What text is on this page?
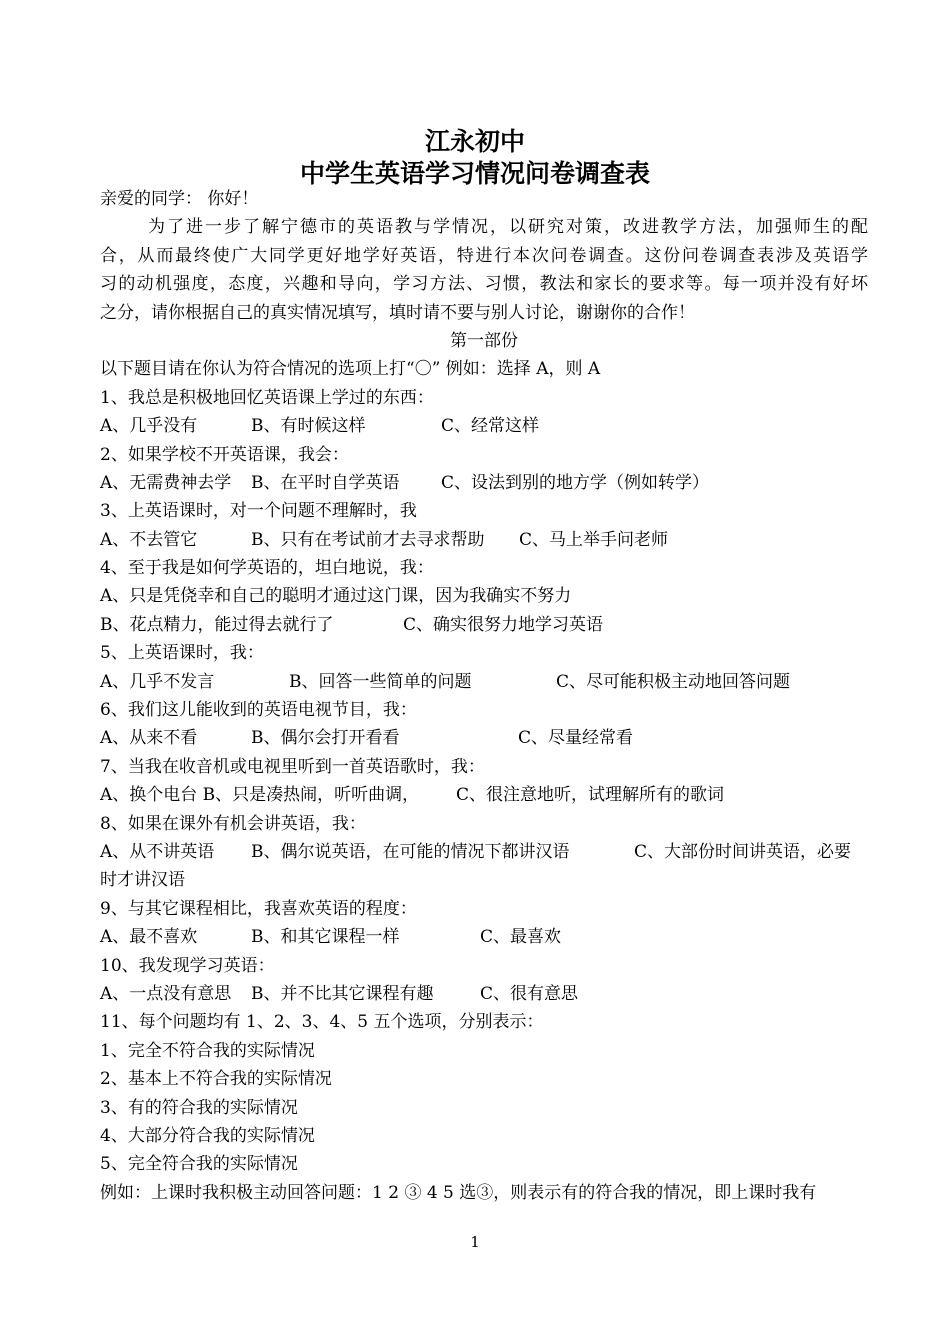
江永初中
中学生英语学习情况问卷调查表
亲爱的同学： 你好！
为了进一步了解宁德市的英语教与学情况，以研究对策，改进教学方法，加强师生的配
合，从而最终使广大同学更好地学好英语，特进行本次问卷调查。这份问卷调查表涉及英语学
习的动机强度，态度，兴趣和导向，学习方法、习惯，教法和家长的要求等。每一项并没有好坏
之分，请你根据自己的真实情况填写，填时请不要与别人讨论，谢谢你的合作！
第一部份
以下题目请在你认为符合情况的选项上打“〇” 例如：选择 A，则 A
1、我总是积极地回忆英语课上学过的东西：
A、几乎没有	B、有时候这样	C、经常这样
2、如果学校不开英语课，我会：
A、无需费神去学 B、在平时自学英语 C、设法到别的地方学（例如转学）
3、上英语课时，对一个问题不理解时，我
A、不去管它	B、只有在考试前才去寻求帮助 C、马上举手问老师
4、至于我是如何学英语的，坦白地说，我：
A、只是凭侥幸和自己的聪明才通过这门课，因为我确实不努力
B、花点精力，能过得去就行了	C、确实很努力地学习英语
5、上英语课时，我：
A、几乎不发言	B、回答一些简单的问题	C、尽可能积极主动地回答问题
6、我们这儿能收到的英语电视节目，我：
A、从来不看	B、偶尔会打开看看	C、尽量经常看
7、当我在收音机或电视里听到一首英语歌时，我：
A、换个电台 B、只是凑热闹，听听曲调， C、很注意地听，试理解所有的歌词
8、如果在课外有机会讲英语，我：
A、从不讲英语 B、偶尔说英语，在可能的情况下都讲汉语	C、大部份时间讲英语，必要
时才讲汉语
9、与其它课程相比，我喜欢英语的程度：
A、最不喜欢	B、和其它课程一样	C、最喜欢
10、我发现学习英语：
A、一点没有意思 B、并不比其它课程有趣	C、很有意思
11、每个问题均有 1、2、3、4、5 五个选项，分别表示：
1、完全不符合我的实际情况
2、基本上不符合我的实际情况
3、有的符合我的实际情况
4、大部分符合我的实际情况
5、完全符合我的实际情况
例如：上课时我积极主动回答问题：1 2 ③ 4 5 选③，则表示有的符合我的情况，即上课时我有
1
